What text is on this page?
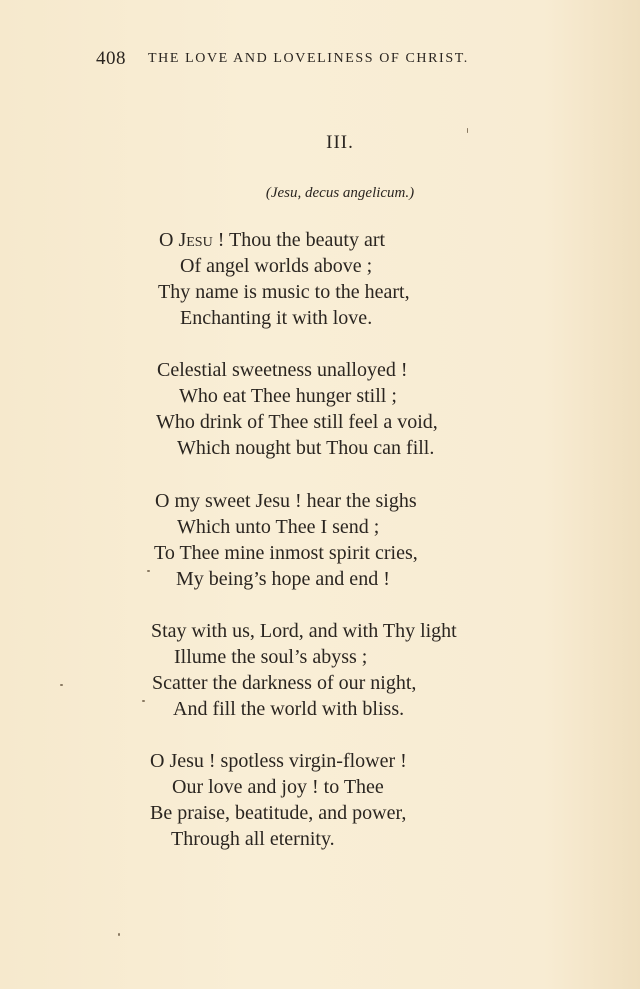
408 THE LOVE AND LOVELINESS OF CHRIST.
III.
(Jesu, decus angelicum.)
O Jesu ! Thou the beauty art
Of angel worlds above ;
Thy name is music to the heart,
Enchanting it with love.
Celestial sweetness unalloyed !
Who eat Thee hunger still ;
Who drink of Thee still feel a void,
Which nought but Thou can fill.
O my sweet Jesu ! hear the sighs
Which unto Thee I send ;
To Thee mine inmost spirit cries,
My being’s hope and end !
Stay with us, Lord, and with Thy light
Illume the soul’s abyss ;
Scatter the darkness of our night,
And fill the world with bliss.
O Jesu ! spotless virgin-flower !
Our love and joy ! to Thee
Be praise, beatitude, and power,
Through all eternity.
